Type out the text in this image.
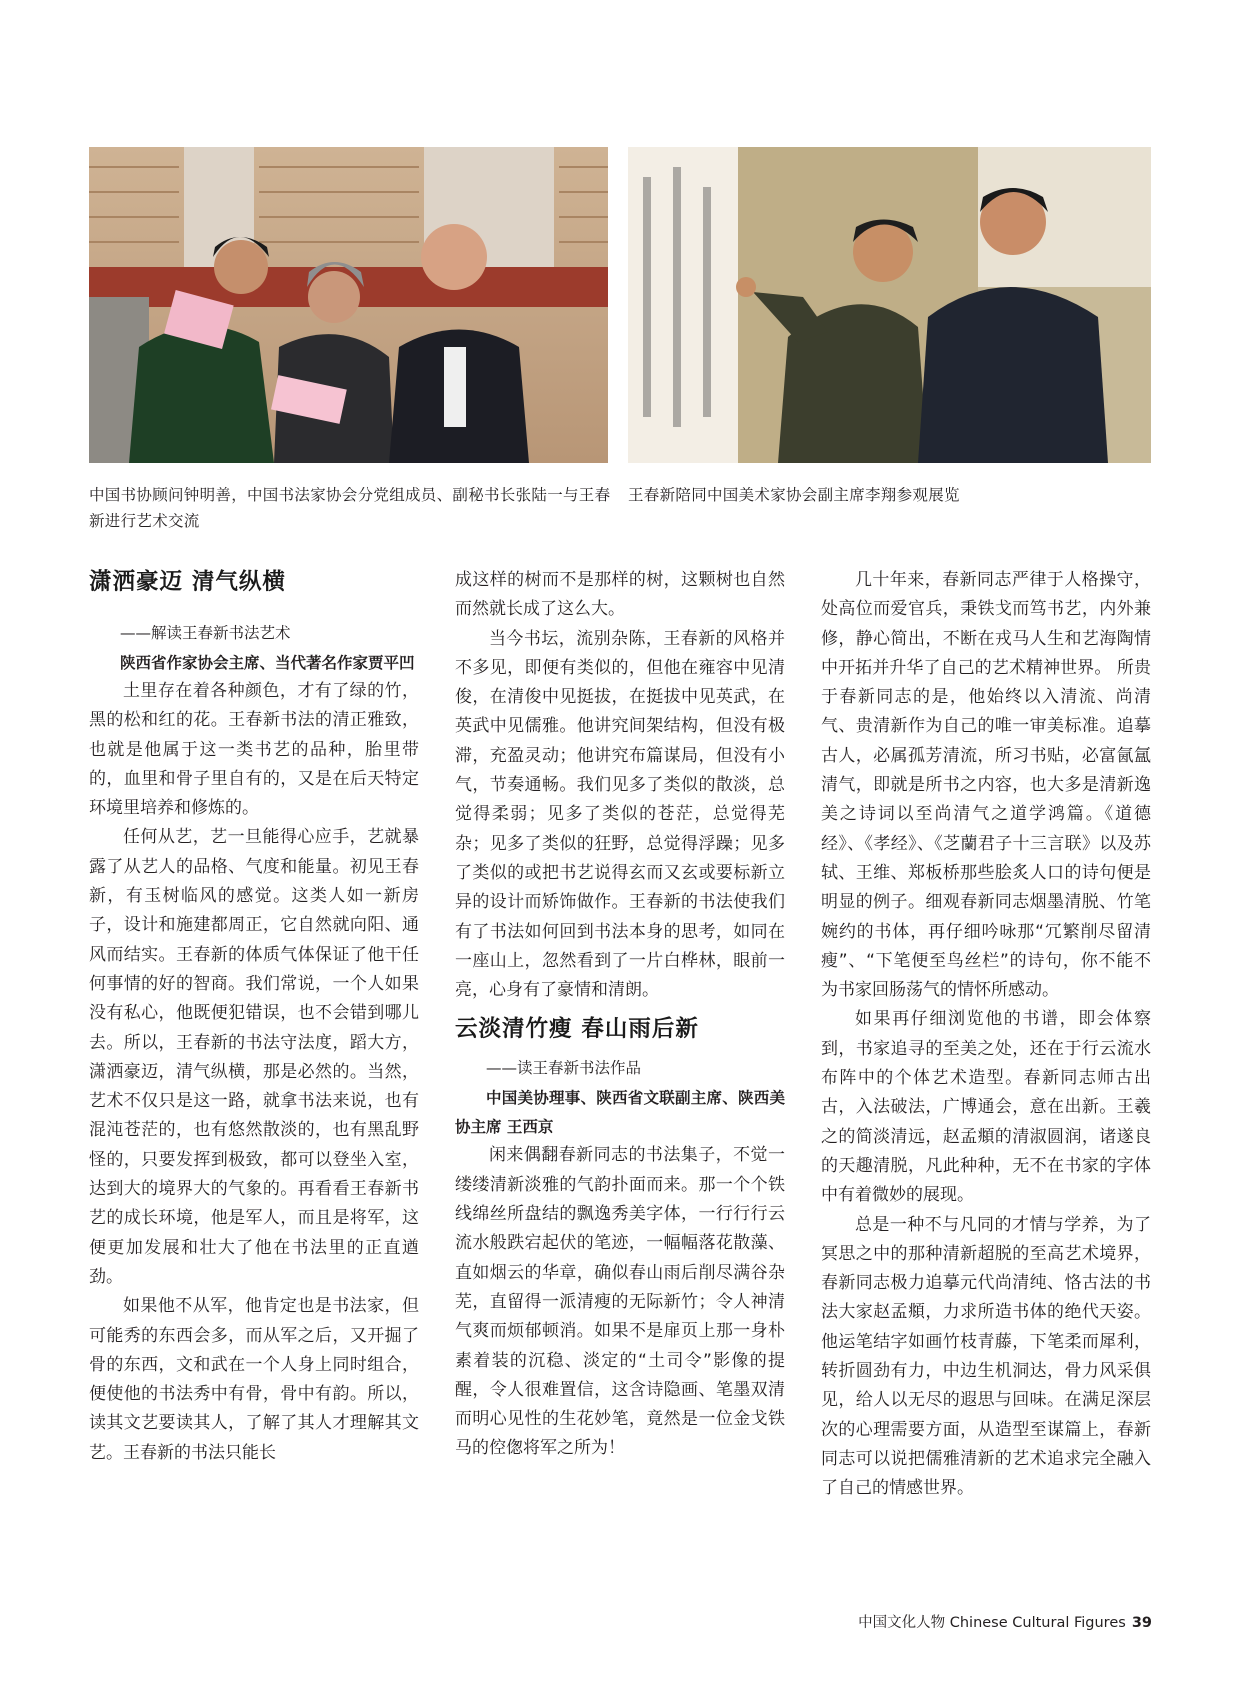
中国书协顾问钟明善，中国书法家协会分党组成员、副秘书长张陆一与王春新进行艺术交流
王春新陪同中国美术家协会副主席李翔参观展览
潇洒豪迈 清气纵横

——解读王春新书法艺术

陕西省作家协会主席、当代著名作家贾平凹

土里存在着各种颜色，才有了绿的竹，黑的松和红的花。王春新书法的清正雅致，也就是他属于这一类书艺的品种，胎里带的，血里和骨子里自有的，又是在后天特定环境里培养和修炼的。

任何从艺，艺一旦能得心应手，艺就暴露了从艺人的品格、气度和能量。初见王春新，有玉树临风的感觉。这类人如一新房子，设计和施建都周正，它自然就向阳、通风而结实。王春新的体质气体保证了他干任何事情的好的智商。我们常说，一个人如果没有私心，他既便犯错误，也不会错到哪儿去。所以，王春新的书法守法度，蹈大方，潇洒豪迈，清气纵横，那是必然的。当然，艺术不仅只是这一路，就拿书法来说，也有混沌苍茫的，也有悠然散淡的，也有黑乱野怪的，只要发挥到极致，都可以登坐入室，达到大的境界大的气象的。再看看王春新书艺的成长环境，他是军人，而且是将军，这便更加发展和壮大了他在书法里的正直遒劲。

如果他不从军，他肯定也是书法家，但可能秀的东西会多，而从军之后，又开掘了骨的东西，文和武在一个人身上同时组合，便使他的书法秀中有骨，骨中有韵。所以，读其文艺要读其人，了解了其人才理解其文艺。王春新的书法只能长

成这样的树而不是那样的树，这颗树也自然而然就长成了这么大。

当今书坛，流别杂陈，王春新的风格并不多见，即便有类似的，但他在雍容中见清俊，在清俊中见挺拔，在挺拔中见英武，在英武中见儒雅。他讲究间架结构，但没有极滞，充盈灵动；他讲究布篇谋局，但没有小气，节奏通畅。我们见多了类似的散淡，总觉得柔弱；见多了类似的苍茫，总觉得芜杂；见多了类似的狂野，总觉得浮躁；见多了类似的或把书艺说得玄而又玄或要标新立异的设计而矫饰做作。王春新的书法使我们有了书法如何回到书法本身的思考，如同在一座山上，忽然看到了一片白桦林，眼前一亮，心身有了豪情和清朗。

云淡清竹瘦 春山雨后新

——读王春新书法作品

中国美协理事、陕西省文联副主席、陕西美协主席 王西京

闲来偶翻春新同志的书法集子，不觉一缕缕清新淡雅的气韵扑面而来。那一个个铁线绵丝所盘结的飘逸秀美字体，一行行行云流水般跌宕起伏的笔迹，一幅幅落花散藻、直如烟云的华章，确似春山雨后削尽满谷杂芜，直留得一派清瘦的无际新竹；令人神清气爽而烦郁顿消。如果不是扉页上那一身朴素着装的沉稳、淡定的“土司令”影像的提醒，令人很难置信，这含诗隐画、笔墨双清而明心见性的生花妙笔，竟然是一位金戈铁马的倥偬将军之所为！

几十年来，春新同志严律于人格操守，处高位而爱官兵，秉铁戈而笃书艺，内外兼修，静心简出，不断在戎马人生和艺海陶情中开拓并升华了自己的艺术精神世界。 所贵于春新同志的是，他始终以入清流、尚清气、贵清新作为自己的唯一审美标准。追摹古人，必属孤芳清流，所习书贴，必富氤氲清气，即就是所书之内容，也大多是清新逸美之诗词以至尚清气之道学鸿篇。《道德经》、《孝经》、《芝蘭君子十三言联》以及苏轼、王维、郑板桥那些脍炙人口的诗句便是明显的例子。细观春新同志烟墨清脱、竹笔婉约的书体，再仔细吟咏那“冗繁削尽留清瘦”、“下笔便至鸟丝栏”的诗句，你不能不为书家回肠荡气的情怀所感动。

如果再仔细浏览他的书谱，即会体察到，书家追寻的至美之处，还在于行云流水布阵中的个体艺术造型。春新同志师古出古，入法破法，广博通会，意在出新。王羲之的简淡清远，赵孟頫的清淑圆润，诸遂良的天趣清脱，凡此种种，无不在书家的字体中有着微妙的展现。

总是一种不与凡同的才情与学养，为了冥思之中的那种清新超脱的至高艺术境界，春新同志极力追摹元代尚清纯、恪古法的书法大家赵孟頫，力求所造书体的绝代天姿。他运笔结字如画竹枝青藤，下笔柔而犀利，转折圆劲有力，中边生机洞达，骨力风采俱见，给人以无尽的遐思与回味。在满足深层次的心理需要方面，从造型至谋篇上，春新同志可以说把儒雅清新的艺术追求完全融入了自己的情感世界。

中国文化人物 Chinese Cultural Figures 39
